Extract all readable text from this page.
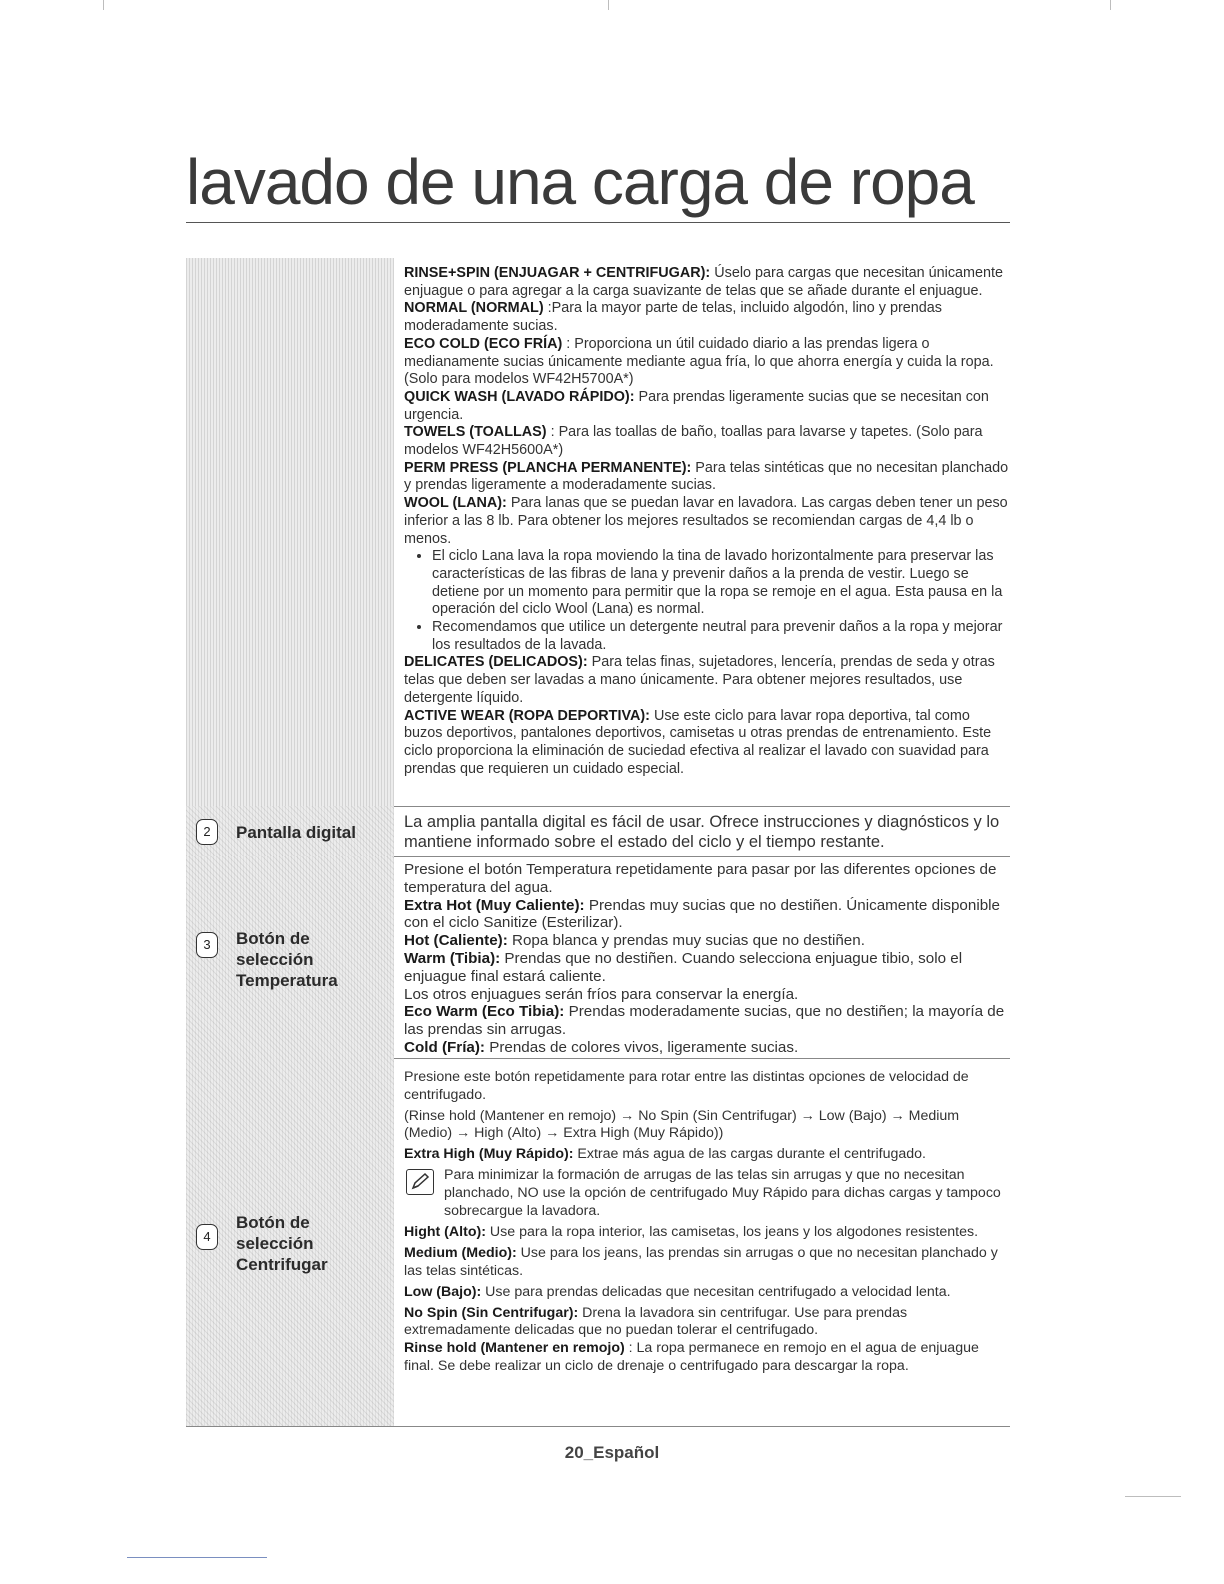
lavado de una carga de ropa

RINSE+SPIN (ENJUAGAR + CENTRIFUGAR): Úselo para cargas que necesitan únicamente enjuague o para agregar a la carga suavizante de telas que se añade durante el enjuague.

NORMAL (NORMAL) :Para la mayor parte de telas, incluido algodón, lino y prendas moderadamente sucias.

ECO COLD (ECO FRÍA) : Proporciona un útil cuidado diario a las prendas ligera o medianamente sucias únicamente mediante agua fría, lo que ahorra energía y cuida la ropa.(Solo para modelos WF42H5700A*)

QUICK WASH (LAVADO RÁPIDO): Para prendas ligeramente sucias que se necesitan con urgencia.

TOWELS (TOALLAS) : Para las toallas de baño, toallas para lavarse y tapetes. (Solo para modelos WF42H5600A*)

PERM PRESS (PLANCHA PERMANENTE): Para telas sintéticas que no necesitan planchado y prendas ligeramente a moderadamente sucias.

WOOL (LANA): Para lanas que se puedan lavar en lavadora. Las cargas deben tener un peso inferior a las 8 lb. Para obtener los mejores resultados se recomiendan cargas de 4,4 lb o menos.

• El ciclo Lana lava la ropa moviendo la tina de lavado horizontalmente para preservar las características de las fibras de lana y prevenir daños a la prenda de vestir. Luego se detiene por un momento para permitir que la ropa se remoje en el agua. Esta pausa en la operación del ciclo Wool (Lana) es normal.
• Recomendamos que utilice un detergente neutral para prevenir daños a la ropa y mejorar los resultados de la lavada.

DELICATES (DELICADOS): Para telas finas, sujetadores, lencería, prendas de seda y otras telas que deben ser lavadas a mano únicamente. Para obtener mejores resultados, use detergente líquido.

ACTIVE WEAR (ROPA DEPORTIVA): Use este ciclo para lavar ropa deportiva, tal como buzos deportivos, pantalones deportivos, camisetas u otras prendas de entrenamiento. Este ciclo proporciona la eliminación de suciedad efectiva al realizar el lavado con suavidad para prendas que requieren un cuidado especial.

2	Pantalla digital

La amplia pantalla digital es fácil de usar. Ofrece instrucciones y diagnósticos y lo mantiene informado sobre el estado del ciclo y el tiempo restante.

3	Botón de
selección
Temperatura

Presione el botón Temperatura repetidamente para pasar por las diferentes opciones de temperatura del agua.

Extra Hot (Muy Caliente): Prendas muy sucias que no destiñen. Únicamente disponible con el ciclo Sanitize (Esterilizar).

Hot (Caliente): Ropa blanca y prendas muy sucias que no destiñen.

Warm (Tibia): Prendas que no destiñen. Cuando selecciona enjuague tibio, solo el enjuague final estará caliente.

Los otros enjuagues serán fríos para conservar la energía.

Eco Warm (Eco Tibia): Prendas moderadamente sucias, que no destiñen; la mayoría de las prendas sin arrugas.

Cold (Fría): Prendas de colores vivos, ligeramente sucias.

4
Botón de
selección
Centrifugar

Presione este botón repetidamente para rotar entre las distintas opciones de velocidad de centrifugado.

(Rinse hold (Mantener en remojo) → No Spin (Sin Centrifugar) → Low (Bajo) → Medium (Medio) → High (Alto) → Extra High (Muy Rápido))

Extra High (Muy Rápido): Extrae más agua de las cargas durante el centrifugado.

Para minimizar la formación de arrugas de las telas sin arrugas y que no necesitan planchado, NO use la opción de centrifugado Muy Rápido para dichas cargas y tampoco sobrecargue la lavadora.

Hight (Alto): Use para la ropa interior, las camisetas, los jeans y los algodones resistentes.

Medium (Medio): Use para los jeans, las prendas sin arrugas o que no necesitan planchado y las telas sintéticas.

Low (Bajo): Use para prendas delicadas que necesitan centrifugado a velocidad lenta.

No Spin (Sin Centrifugar): Drena la lavadora sin centrifugar. Use para prendas extremadamente delicadas que no puedan tolerar el centrifugado.

Rinse hold (Mantener en remojo) : La ropa permanece en remojo en el agua de enjuague final. Se debe realizar un ciclo de drenaje o centrifugado para descargar la ropa.

20_Español
